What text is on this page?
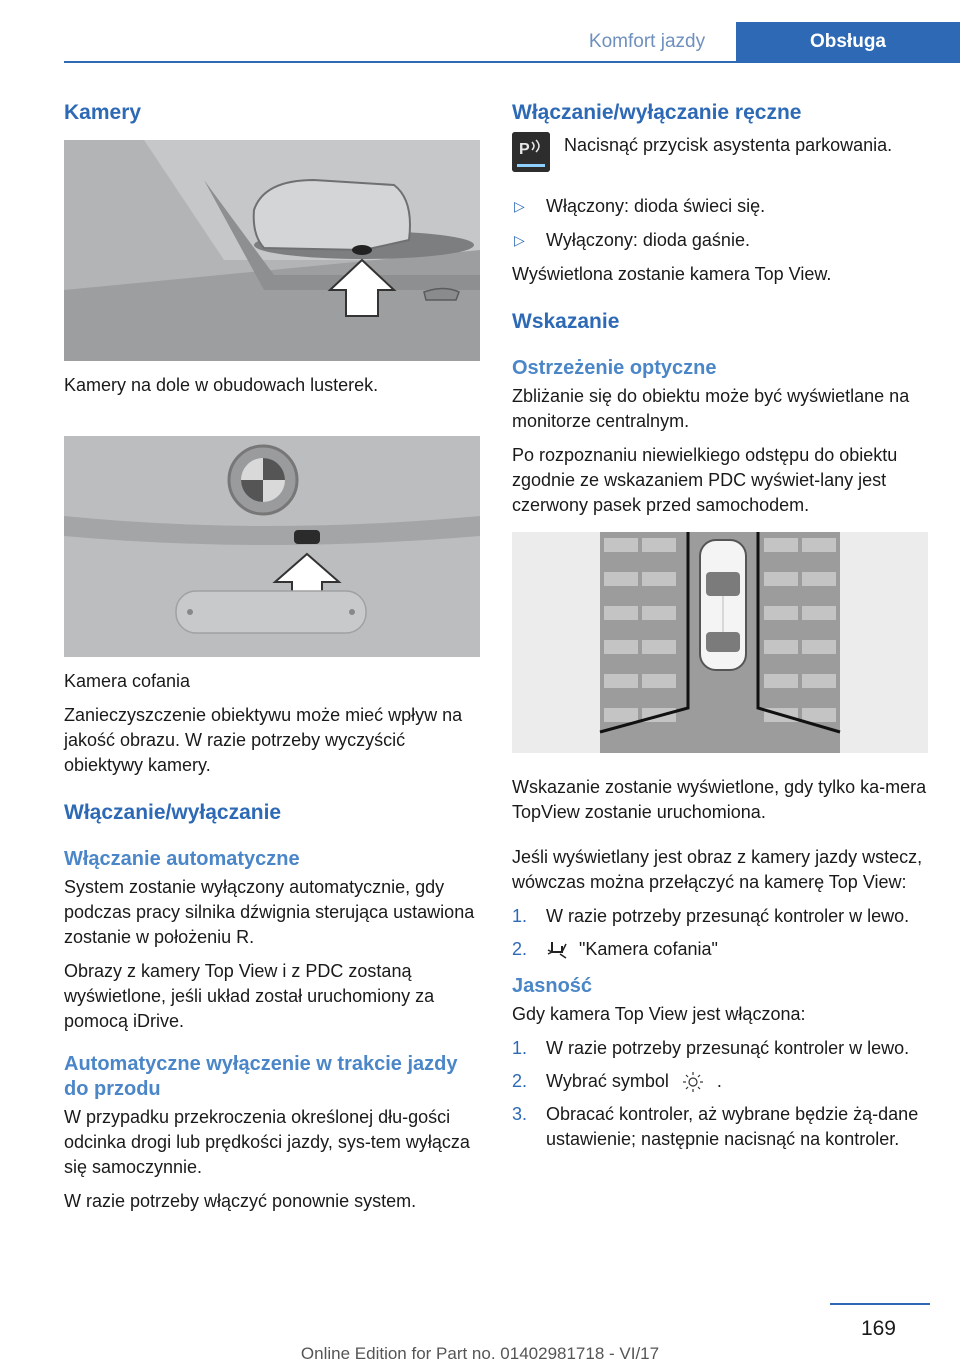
Komfort jazdy	Obsługa
Kamery

Kamery na dole w obudowach lusterek.

Kamera cofania

Zanieczyszczenie obiektywu może mieć wpływ na jakość obrazu. W razie potrzeby wyczyścić obiektywy kamery.

Włączanie/wyłączanie
Włączanie automatyczne

System zostanie wyłączony automatycznie, gdy podczas pracy silnika dźwignia sterująca ustawiona zostanie w położeniu R.

Obrazy z kamery Top View i z PDC zostaną wyświetlone, jeśli układ został uruchomiony za pomocą iDrive.

Automatyczne wyłączenie w trakcie jazdy do przodu

W przypadku przekroczenia określonej dłu‐gości odcinka drogi lub prędkości jazdy, sys‐tem wyłącza się samoczynnie.

W razie potrzeby włączyć ponownie system.

Włączanie/wyłączanie ręczne
P Nacisnąć przycisk asystenta parkowania.

▷ Włączony: dioda świeci się.
▷ Wyłączony: dioda gaśnie.

Wyświetlona zostanie kamera Top View.

Wskazanie
Ostrzeżenie optyczne

Zbliżanie się do obiektu może być wyświetlane na monitorze centralnym.

Po rozpoznaniu niewielkiego odstępu do obiektu zgodnie ze wskazaniem PDC wyświet‐lany jest czerwony pasek przed samochodem.

Wskazanie zostanie wyświetlone, gdy tylko ka‐mera TopView zostanie uruchomiona.

Jeśli wyświetlany jest obraz z kamery jazdy wstecz, wówczas można przełączyć na kamerę Top View:

1. W razie potrzeby przesunąć kontroler w lewo.
2.	"Kamera cofania"
Jasność

Gdy kamera Top View jest włączona:

1. W razie potrzeby przesunąć kontroler w lewo.
2. Wybrać symbol	.
3. Obracać kontroler, aż wybrane będzie żą‐dane ustawienie; następnie nacisnąć na kontroler.
169
Online Edition for Part no. 01402981718 - VI/17
